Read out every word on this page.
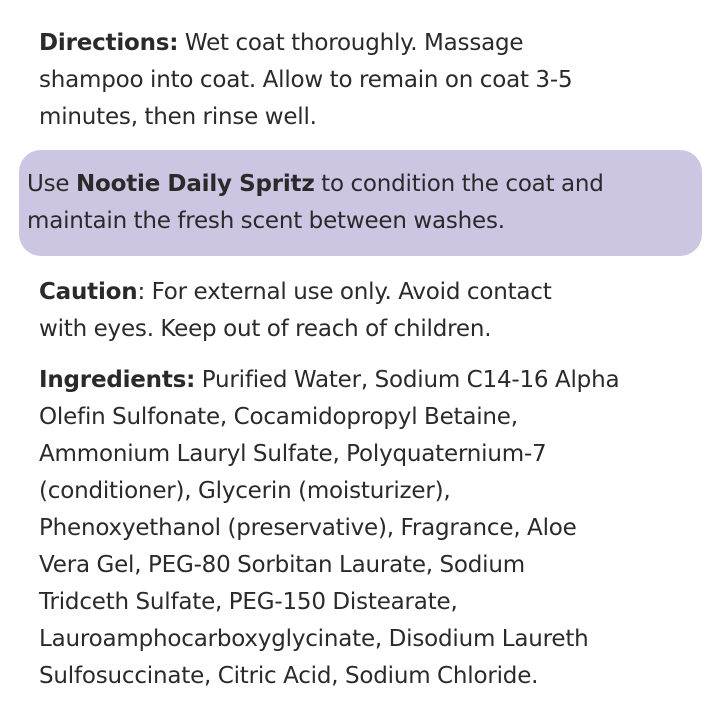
Directions: Wet coat thoroughly. Massage
shampoo into coat. Allow to remain on coat 3-5
minutes, then rinse well.
Use Nootie Daily Spritz to condition the coat and
maintain the fresh scent between washes.
Caution: For external use only. Avoid contact
with eyes. Keep out of reach of children.
Ingredients: Purified Water, Sodium C14-16 Alpha
Olefin Sulfonate, Cocamidopropyl Betaine,
Ammonium Lauryl Sulfate, Polyquaternium-7
(conditioner), Glycerin (moisturizer),
Phenoxyethanol (preservative), Fragrance, Aloe
Vera Gel, PEG-80 Sorbitan Laurate, Sodium
Tridceth Sulfate, PEG-150 Distearate,
Lauroamphocarboxyglycinate, Disodium Laureth
Sulfosuccinate, Citric Acid, Sodium Chloride.
